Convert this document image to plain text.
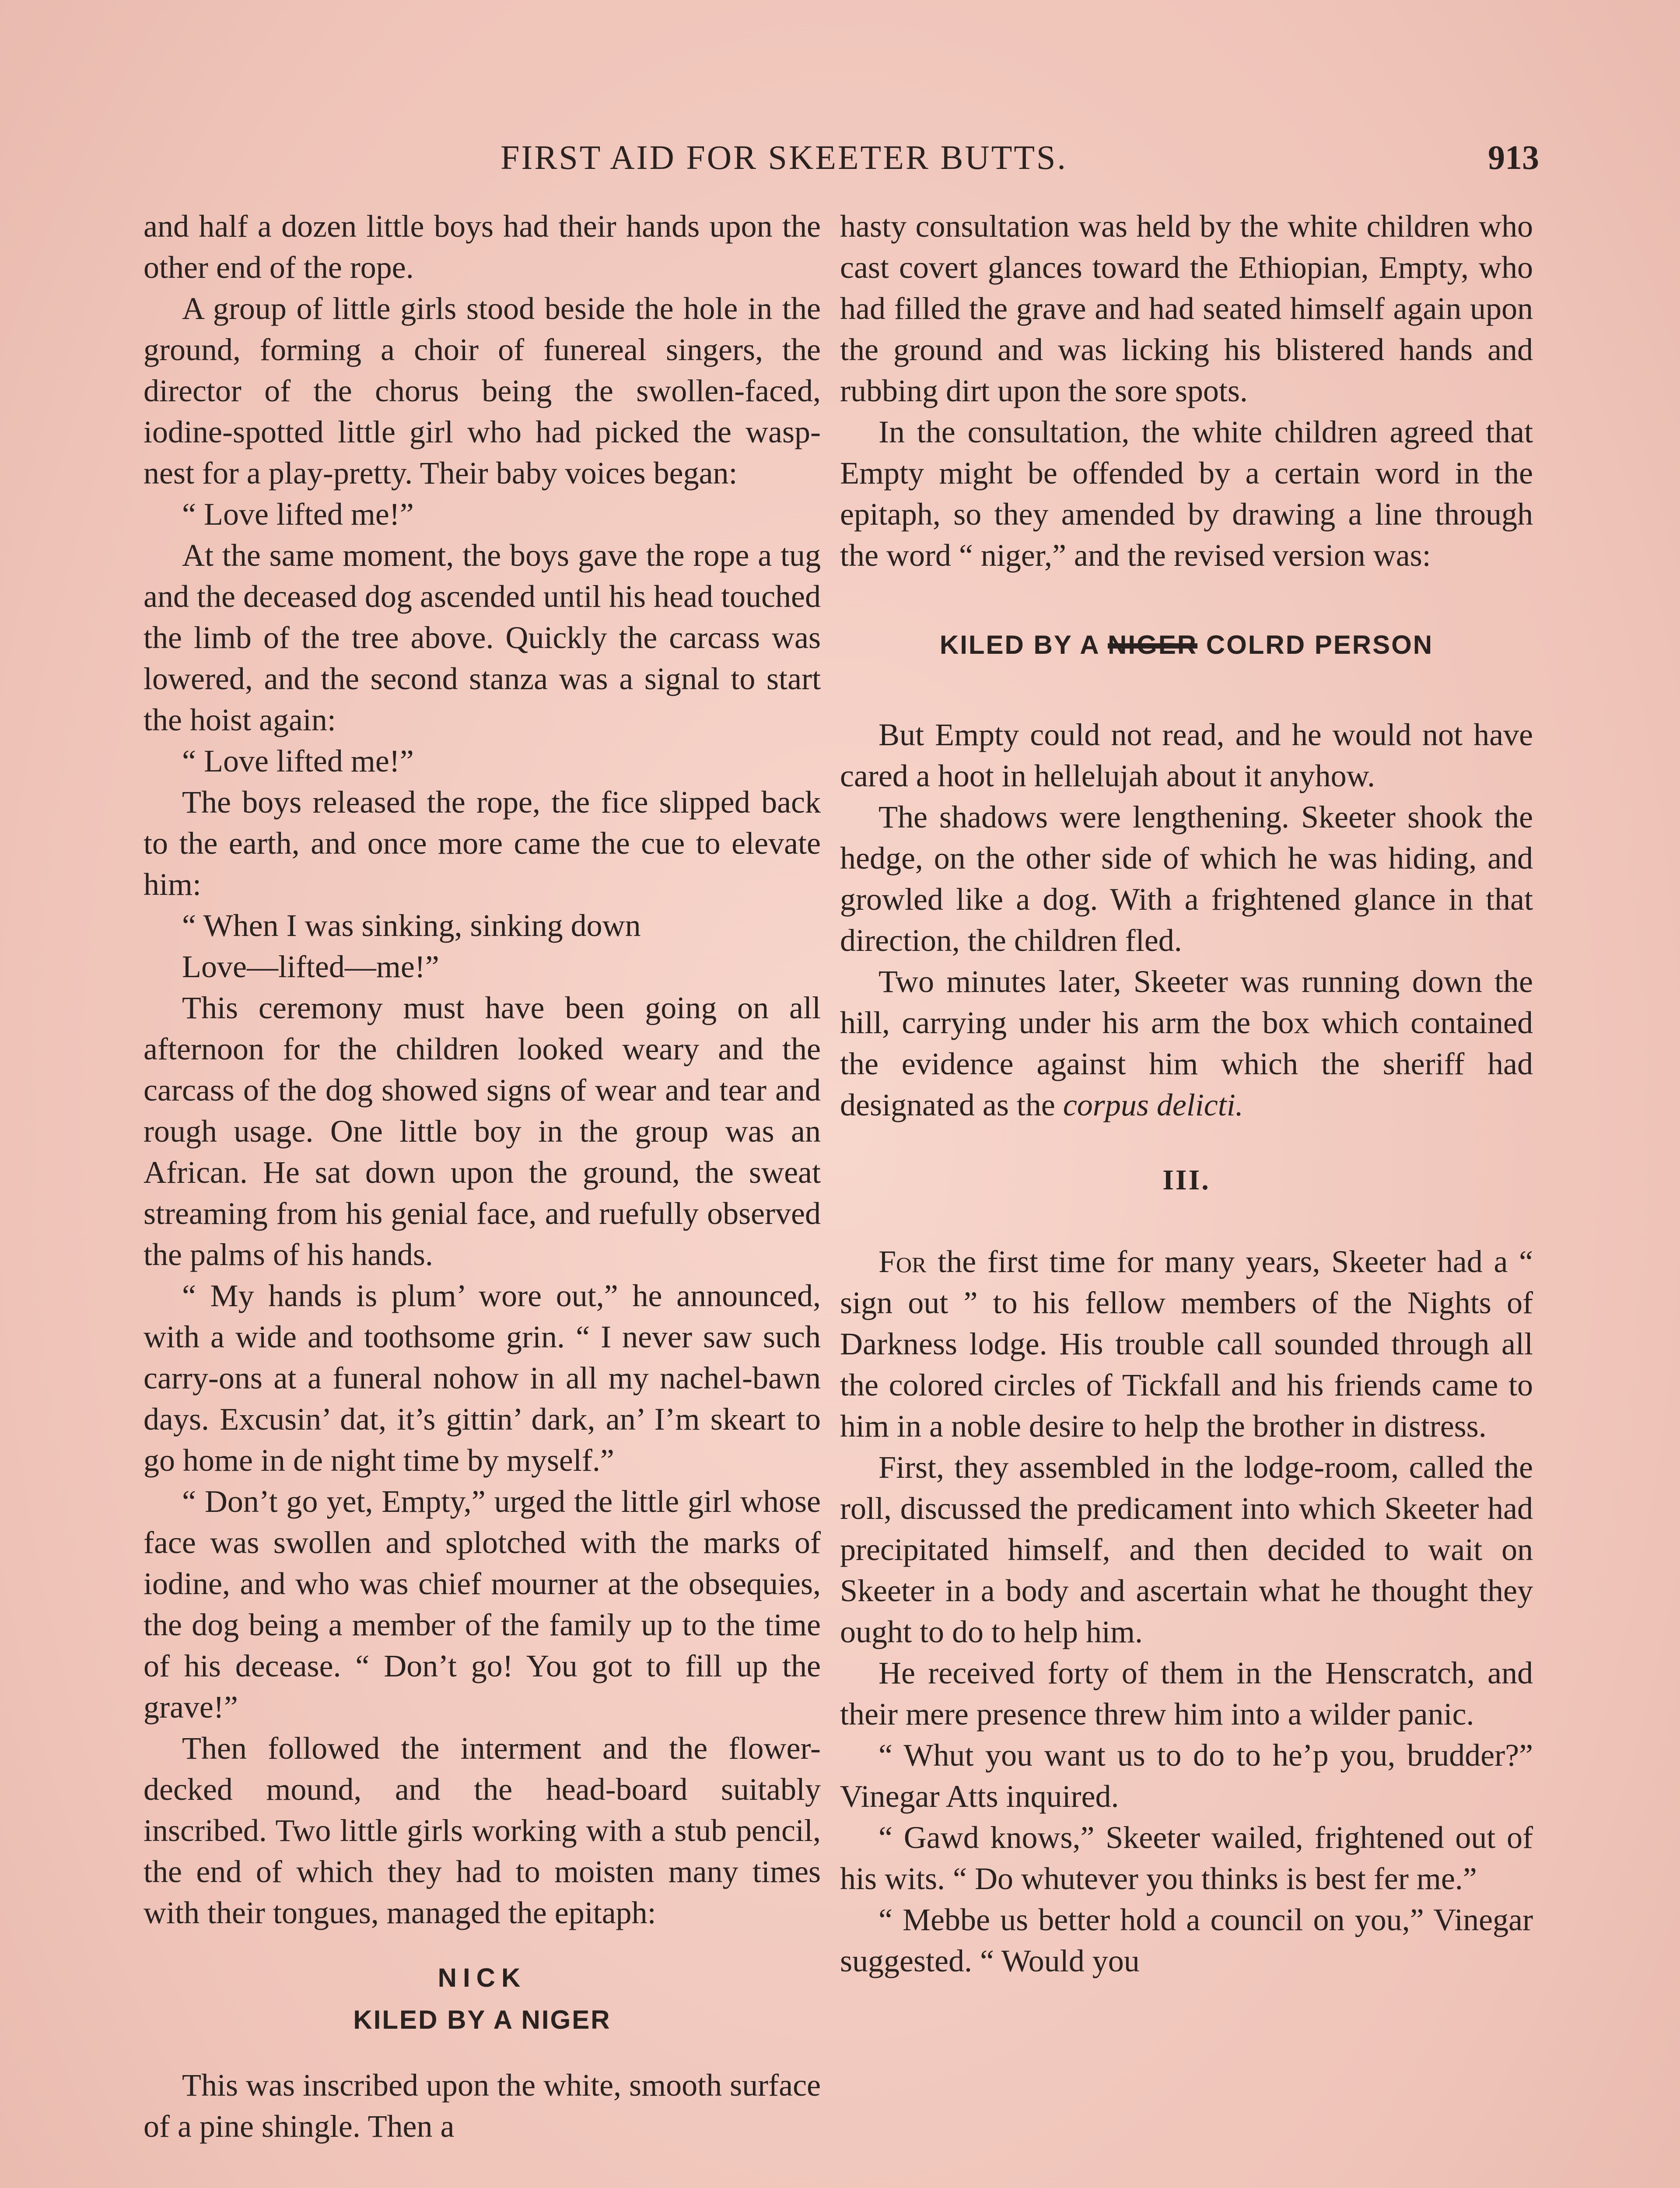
FIRST AID FOR SKEETER BUTTS.	913

and half a dozen little boys had their hands upon the other end of the rope.

A group of little girls stood beside the hole in the ground, forming a choir of funereal singers, the director of the chorus being the swollen-faced, iodine-spotted little girl who had picked the wasp-nest for a play-pretty. Their baby voices began:

“ Love lifted me!”

At the same moment, the boys gave the rope a tug and the deceased dog ascended until his head touched the limb of the tree above. Quickly the carcass was lowered, and the second stanza was a signal to start the hoist again:

“ Love lifted me!”

The boys released the rope, the fice slipped back to the earth, and once more came the cue to elevate him:

“ When I was sinking, sinking down

Love—lifted—me!”

This ceremony must have been going on all afternoon for the children looked weary and the carcass of the dog showed signs of wear and tear and rough usage. One little boy in the group was an African. He sat down upon the ground, the sweat streaming from his genial face, and ruefully observed the palms of his hands.

“ My hands is plum’ wore out,” he announced, with a wide and toothsome grin. “ I never saw such carry-ons at a funeral nohow in all my nachel-bawn days. Excusin’ dat, it’s gittin’ dark, an’ I’m skeart to go home in de night time by myself.”

“ Don’t go yet, Empty,” urged the little girl whose face was swollen and splotched with the marks of iodine, and who was chief mourner at the obsequies, the dog being a member of the family up to the time of his decease. “ Don’t go! You got to fill up the grave!”

Then followed the interment and the flower-decked mound, and the head-board suitably inscribed. Two little girls working with a stub pencil, the end of which they had to moisten many times with their tongues, managed the epitaph:

NICK
KILED BY A NIGER

This was inscribed upon the white, smooth surface of a pine shingle. Then a

hasty consultation was held by the white children who cast covert glances toward the Ethiopian, Empty, who had filled the grave and had seated himself again upon the ground and was licking his blistered hands and rubbing dirt upon the sore spots.

In the consultation, the white children agreed that Empty might be offended by a certain word in the epitaph, so they amended by drawing a line through the word “ niger,” and the revised version was:

KILED BY A NIGER COLRD PERSON

But Empty could not read, and he would not have cared a hoot in hellelujah about it anyhow.

The shadows were lengthening. Skeeter shook the hedge, on the other side of which he was hiding, and growled like a dog. With a frightened glance in that direction, the children fled.

Two minutes later, Skeeter was running down the hill, carrying under his arm the box which contained the evidence against him which the sheriff had designated as the corpus delicti.

III.

For the first time for many years, Skeeter had a “ sign out ” to his fellow members of the Nights of Darkness lodge. His trouble call sounded through all the colored circles of Tickfall and his friends came to him in a noble desire to help the brother in distress.

First, they assembled in the lodge-room, called the roll, discussed the predicament into which Skeeter had precipitated himself, and then decided to wait on Skeeter in a body and ascertain what he thought they ought to do to help him.

He received forty of them in the Henscratch, and their mere presence threw him into a wilder panic.

“ Whut you want us to do to he’p you, brudder?” Vinegar Atts inquired.

“ Gawd knows,” Skeeter wailed, frightened out of his wits. “ Do whutever you thinks is best fer me.”

“ Mebbe us better hold a council on you,” Vinegar suggested. “ Would you
